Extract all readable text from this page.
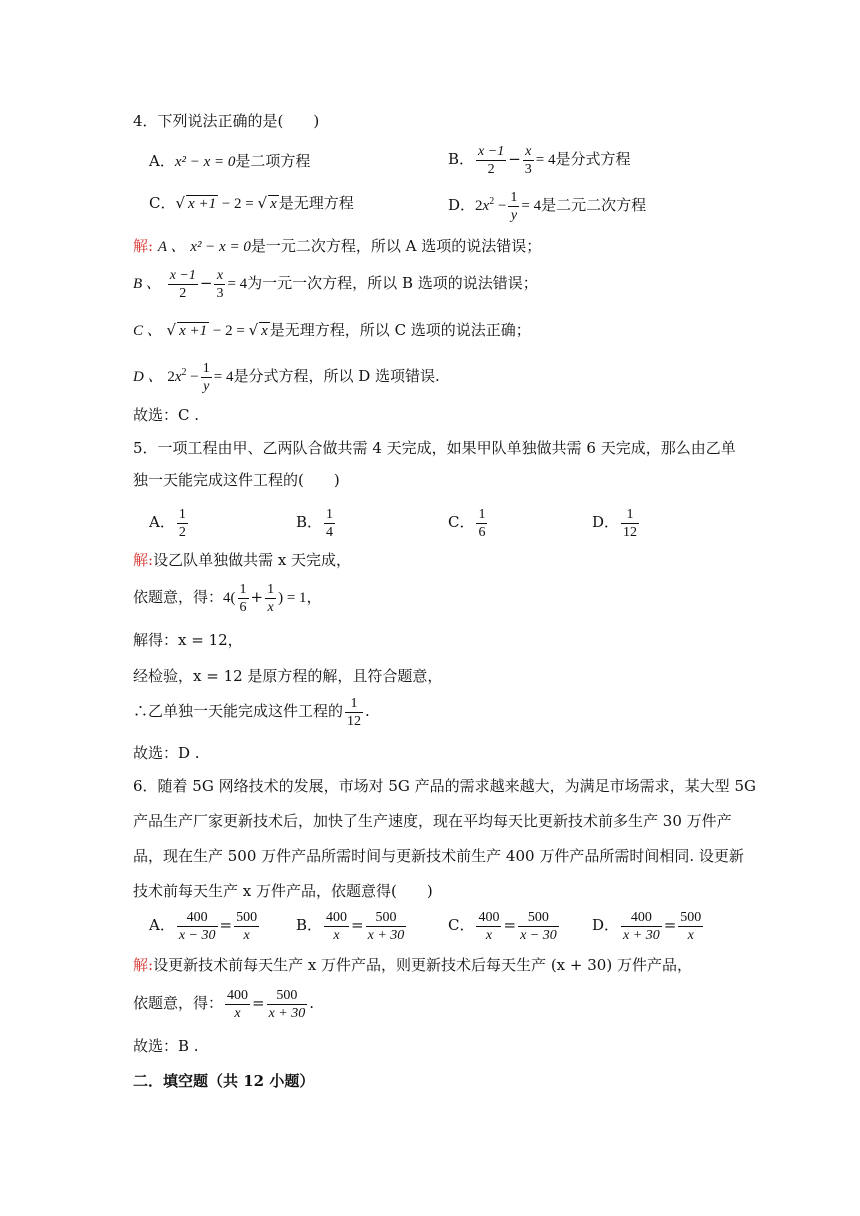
4．下列说法正确的是(　　)
A．x² − x = 0是二项方程	B． $\frac{x -1}{2} - \frac{x}{3} = 4$是分式方程
C．√ x +1 − 2 = √ x 是无理方程	D．$2x^2 - \frac{1}{y} = 4$是二元二次方程
解: A 、 x² − x = 0是一元二次方程，所以 A 选项的说法错误；
B 、 $\frac{x -1}{2} - \frac{x}{3} = 4$为一元一次方程，所以 B 选项的说法错误；
C 、 √ x +1 − 2 = √ x 是无理方程，所以 C 选项的说法正确；
D 、 $2x^2 - \frac{1}{y} = 4$是分式方程，所以 D 选项错误.
故选：C .
5．一项工程由甲、乙两队合做共需 4 天完成，如果甲队单独做共需 6 天完成，那么由乙单
独一天能完成这件工程的(　　)
A． $\frac{1}{2}$	B． $\frac{1}{4}$	C． $\frac{1}{6}$	D． $\frac{1}{12}$
解:设乙队单独做共需 x 天完成，
依题意，得：$4( \frac{1}{6} + \frac{1}{x}$ ) = 1，
解得：x = 12，
经检验，x = 12 是原方程的解，且符合题意，
∴乙单独一天能完成这件工程的 $\frac{1}{12}$ .
故选：D .
6．随着 5G 网络技术的发展，市场对 5G 产品的需求越来越大，为满足市场需求，某大型 5G
产品生产厂家更新技术后，加快了生产速度，现在平均每天比更新技术前多生产 30 万件产
品，现在生产 500 万件产品所需时间与更新技术前生产 400 万件产品所需时间相同. 设更新
技术前每天生产 x 万件产品，依题意得(　　)
A． $\frac{400}{x - 30} = \frac{500}{x}$ B． $\frac{400}{x} = \frac{500}{x + 30}$	C． $\frac{400}{x} = \frac{500}{x - 30}$ D． $\frac{400}{x + 30} = \frac{500}{x}$
解:设更新技术前每天生产 x 万件产品，则更新技术后每天生产 (x + 30) 万件产品，
依题意，得： $\frac{400}{x} = \frac{500}{x + 30}$ .
故选：B .
二．填空题（共 12 小题）
